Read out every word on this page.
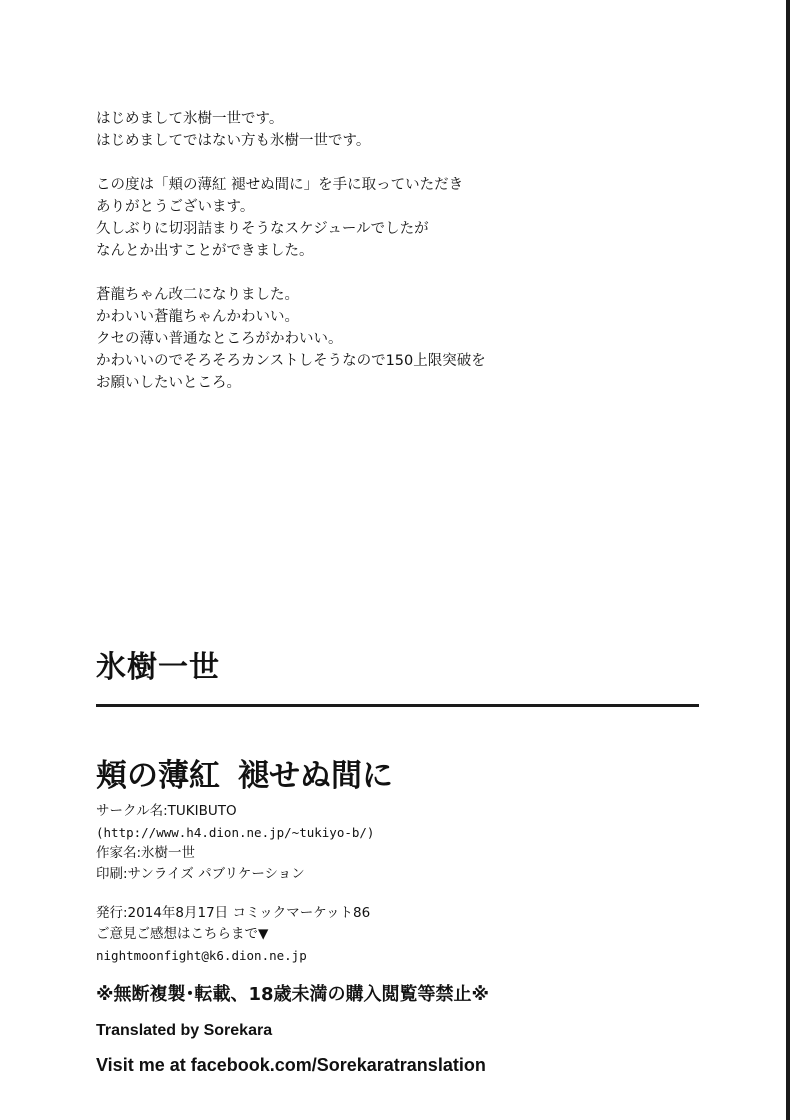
はじめまして氷樹一世です。
はじめましてではない方も氷樹一世です。
この度は「頬の薄紅 褪せぬ間に」を手に取っていただき
ありがとうございます。
久しぶりに切羽詰まりそうなスケジュールでしたが
なんとか出すことができました。
蒼龍ちゃん改二になりました。
かわいい蒼龍ちゃんかわいい。
クセの薄い普通なところがかわいい。
かわいいのでそろそろカンストしそうなので150上限突破を
お願いしたいところ。
氷樹一世
頬の薄紅 褪せぬ間に
サークル名:TUKIBUTO
(http://www.h4.dion.ne.jp/~tukiyo-b/)
作家名:氷樹一世
印刷:サンライズ パブリケーション
発行:2014年8月17日 コミックマーケット86
ご意見ご感想はこちらまで▼
nightmoonfight@k6.dion.ne.jp
※無断複製･転載、18歳未満の購入閲覧等禁止※
Translated by Sorekara
Visit me at facebook.com/Sorekaratranslation
